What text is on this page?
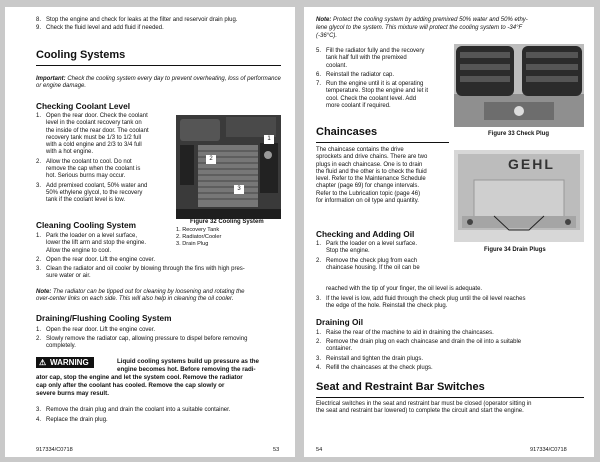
8. Stop the engine and check for leaks at the filter and reservoir drain plug.
9. Check the fluid level and add fluid if needed.
Cooling Systems
Important: Check the cooling system every day to prevent overheating, loss of performance or engine damage.
Checking Coolant Level
1. Open the rear door. Check the coolant
level in the coolant recovery tank on
the inside of the rear door. The coolant
recovery tank must be 1/3 to 1/2 full
with a cold engine and 2/3 to 3/4 full
with a hot engine.
2. Allow the coolant to cool. Do not
remove the cap when the coolant is
hot. Serious burns may occur.
3. Add premixed coolant, 50% water and
50% ethylene glycol, to the recovery
tank if the coolant level is low.
1
2
3
Figure 32 Cooling System
1. Recovery Tank
2. Radiator/Cooler
3. Drain Plug
Cleaning Cooling System
1. Park the loader on a level surface,
lower the lift arm and stop the engine.
Allow the engine to cool.
2. Open the rear door. Lift the engine cover.
3. Clean the radiator and oil cooler by blowing through the fins with high pres-
sure water or air.
Note: The radiator can be tipped out for cleaning by loosening and rotating the
over-center links on each side. This will also help in cleaning the oil cooler.
Draining/Flushing Cooling System
1. Open the rear door. Lift the engine cover.
2. Slowly remove the radiator cap, allowing pressure to dispel before removing
completely.
⚠ WARNING	Liquid cooling systems build up pressure as the
engine becomes hot. Before removing the radi-
ator cap, stop the engine and let the system cool. Remove the radiator
cap only after the coolant has cooled. Remove the cap slowly or
severe burns may result.
3. Remove the drain plug and drain the coolant into a suitable container.
4. Replace the drain plug.
917334/C0718	53
Note: Protect the cooling system by adding premixed 50% water and 50% ethy-
lene glycol to the system. This mixture will protect the cooling system to -34°F
(-36°C).
5. Fill the radiator fully and the recovery
tank half full with the premixed
coolant.
6. Reinstall the radiator cap.
7. Run the engine until it is at operating
temperature. Stop the engine and let it
cool. Check the coolant level. Add
more coolant if required.
Figure 33 Check Plug
Chaincases
The chaincase contains the drive
sprockets and drive chains. There are two
plugs in each chaincase. One is to drain
the fluid and the other is to check the fluid
level. Refer to the Maintenance Schedule
chapter (page 69) for change intervals.
Refer to the Lubrication topic (page 46)
for information on oil type and quantity.
GEHL
Figure 34 Drain Plugs
Checking and Adding Oil
1. Park the loader on a level surface.
Stop the engine.
2. Remove the check plug from each
chaincase housing. If the oil can be
reached with the tip of your finger, the oil level is adequate.
3. If the level is low, add fluid through the check plug until the oil level reaches
the edge of the hole. Reinstall the check plug.
Draining Oil
1. Raise the rear of the machine to aid in draining the chaincases.
2. Remove the drain plug on each chaincase and drain the oil into a suitable
container.
3. Reinstall and tighten the drain plugs.
4. Refill the chaincases at the check plugs.
Seat and Restraint Bar Switches
Electrical switches in the seat and restraint bar must be closed (operator sitting in
the seat and restraint bar lowered) to complete the circuit and start the engine.
54	917334/C0718
